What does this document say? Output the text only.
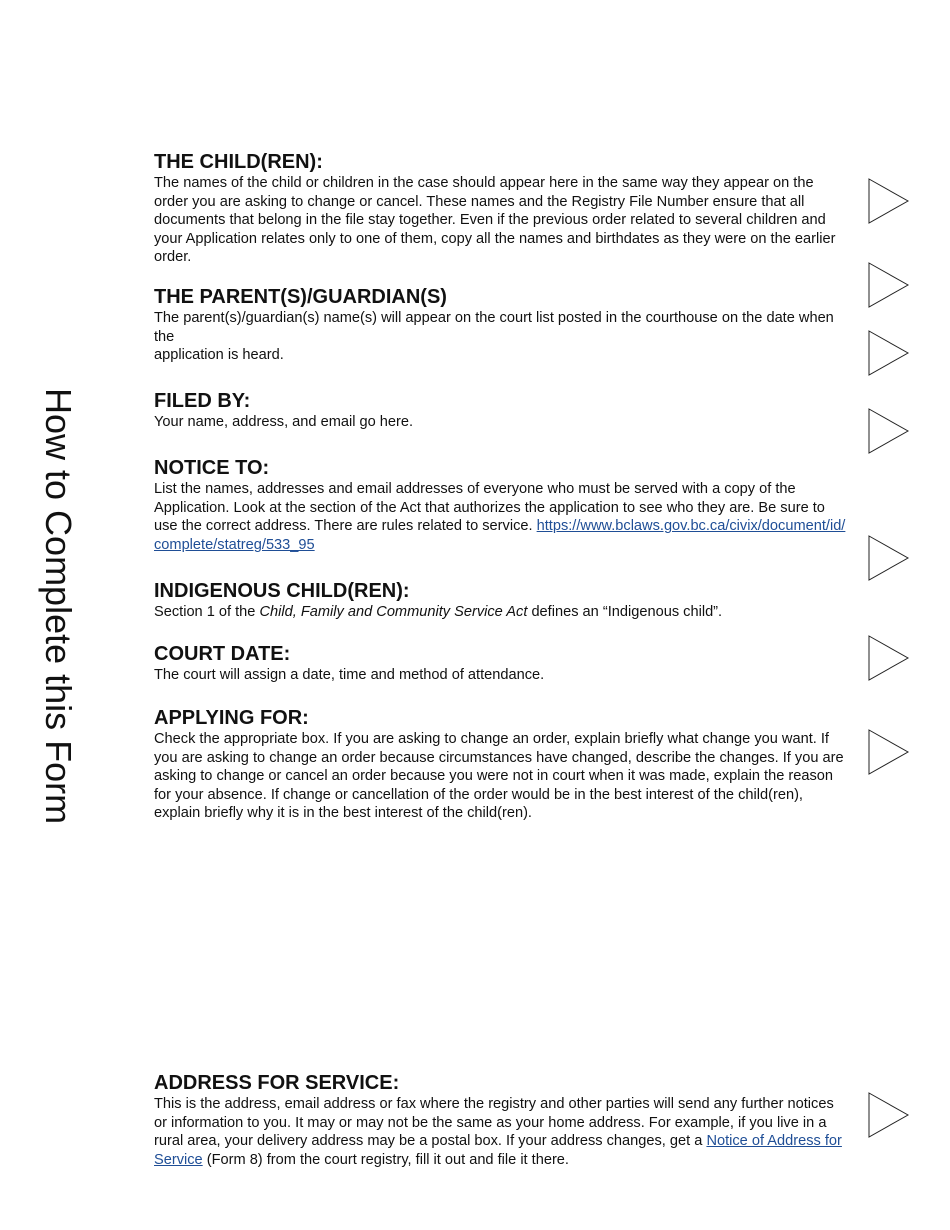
How to Complete this Form
THE CHILD(REN):

The names of the child or children in the case should appear here in the same way they appear on the order you are asking to change or cancel. These names and the Registry File Number ensure that all documents that belong in the file stay together. Even if the previous order related to several children and your Application relates only to one of them, copy all the names and birthdates as they were on the earlier order.

THE PARENT(S)/GUARDIAN(S)

The parent(s)/guardian(s) name(s) will appear on the court list posted in the courthouse on the date when the

application is heard.

FILED BY:

Your name, address, and email go here.

NOTICE TO:

List the names, addresses and email addresses of everyone who must be served with a copy of the Application. Look at the section of the Act that authorizes the application to see who they are. Be sure to use the correct address. There are rules related to service. https://www.bclaws.gov.bc.ca/civix/document/id/complete/statreg/533_95

INDIGENOUS CHILD(REN):

Section 1 of the Child, Family and Community Service Act defines an “Indigenous child”.

COURT DATE:

The court will assign a date, time and method of attendance.

APPLYING FOR:

Check the appropriate box. If you are asking to change an order, explain briefly what change you want. If you are asking to change an order because circumstances have changed, describe the changes. If you are asking to change or cancel an order because you were not in court when it was made, explain the reason for your absence. If change or cancellation of the order would be in the best interest of the child(ren), explain briefly why it is in the best interest of the child(ren).

ADDRESS FOR SERVICE:

This is the address, email address or fax where the registry and other parties will send any further notices or information to you. It may or may not be the same as your home address. For example, if you live in a rural area, your delivery address may be a postal box. If your address changes, get a Notice of Address for Service (Form 8) from the court registry, fill it out and file it there.
